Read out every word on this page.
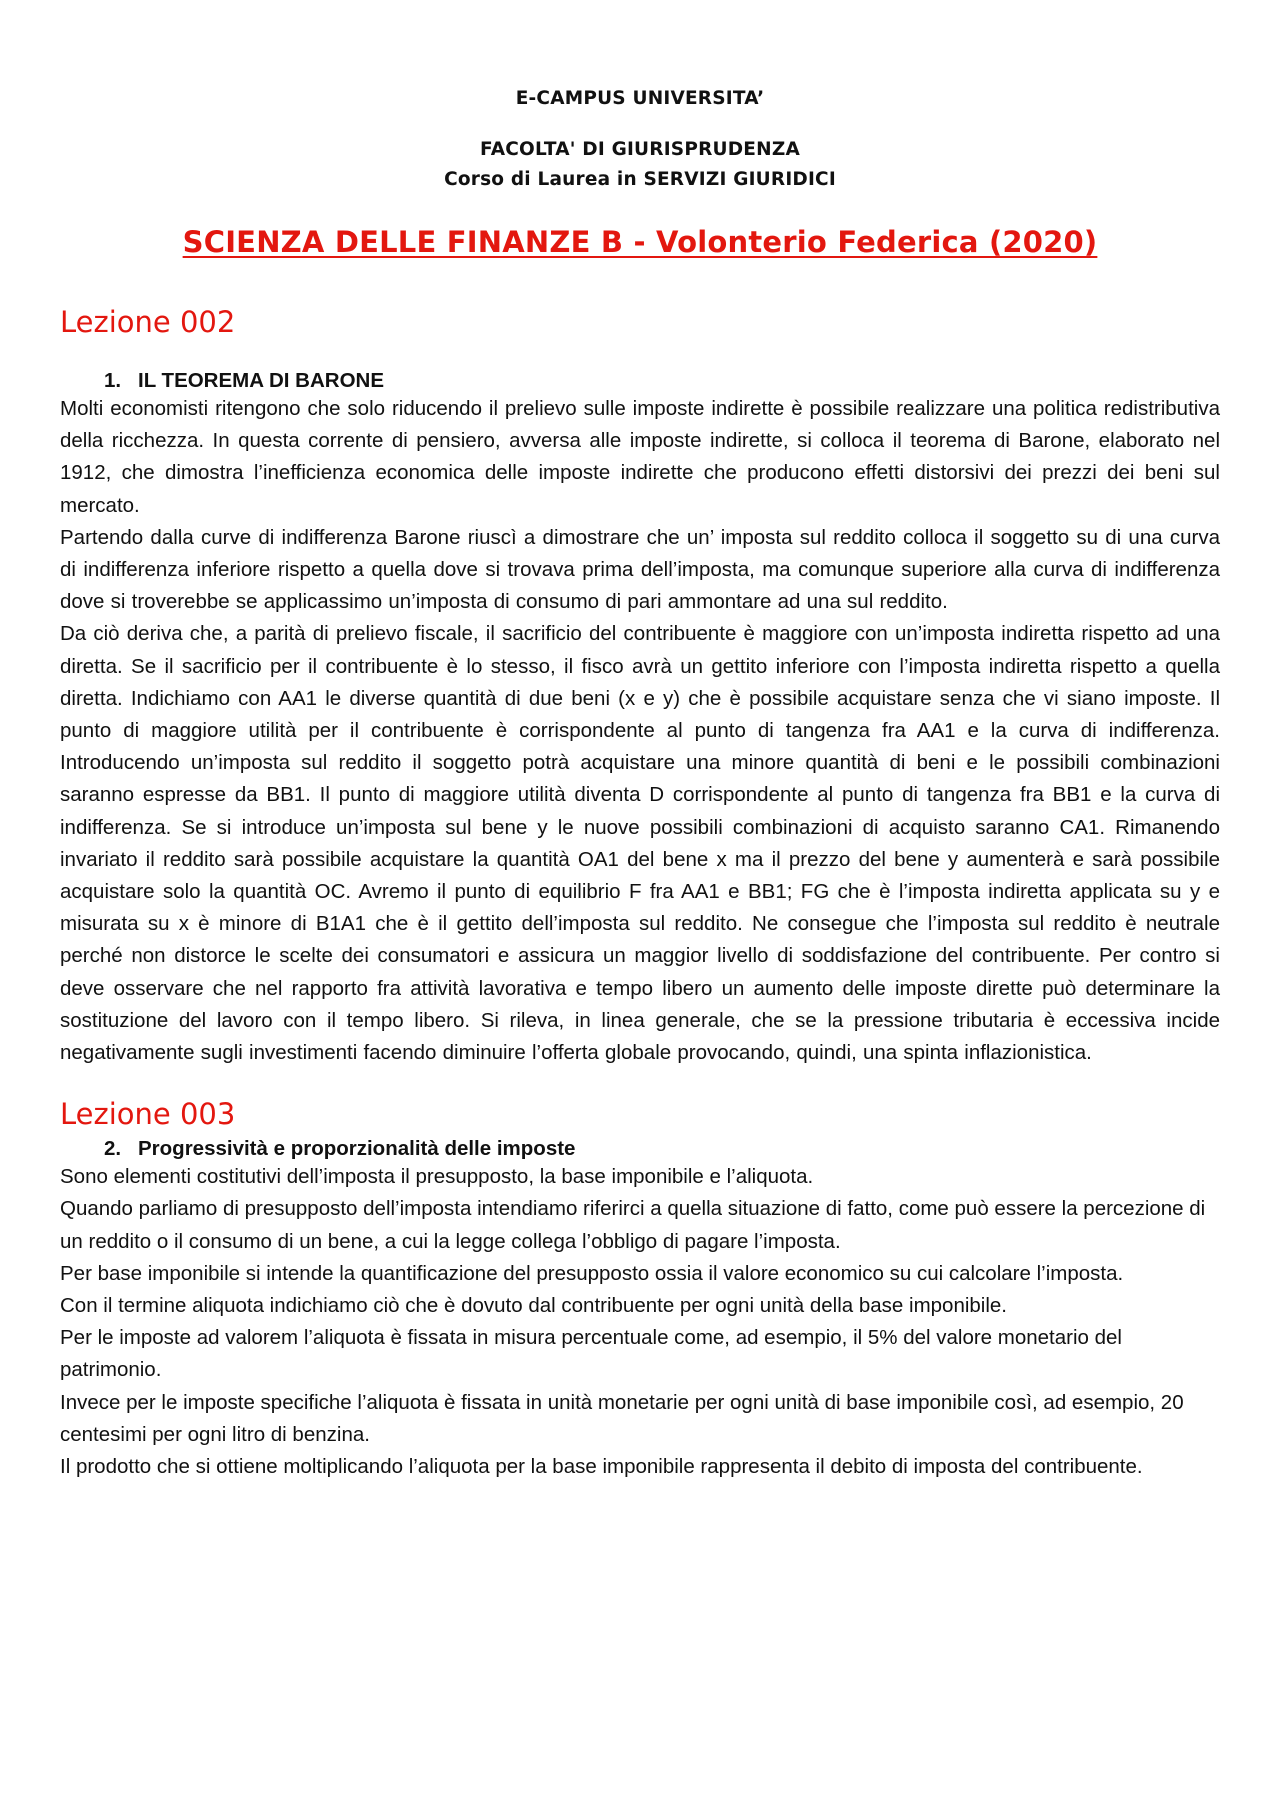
E-CAMPUS UNIVERSITA’

FACOLTA' DI GIURISPRUDENZA

Corso di Laurea in SERVIZI GIURIDICI

SCIENZA DELLE FINANZE B - Volonterio Federica (2020)
Lezione 002
1. IL TEOREMA DI BARONE

Molti economisti ritengono che solo riducendo il prelievo sulle imposte indirette è possibile realizzare una politica redistributiva della ricchezza. In questa corrente di pensiero, avversa alle imposte indirette, si colloca il teorema di Barone, elaborato nel 1912, che dimostra l’inefficienza economica delle imposte indirette che producono effetti distorsivi dei prezzi dei beni sul mercato.

Partendo dalla curve di indifferenza Barone riuscì a dimostrare che un’ imposta sul reddito colloca il soggetto su di una curva di indifferenza inferiore rispetto a quella dove si trovava prima dell’imposta, ma comunque superiore alla curva di indifferenza dove si troverebbe se applicassimo un’imposta di consumo di pari ammontare ad una sul reddito.

Da ciò deriva che, a parità di prelievo fiscale, il sacrificio del contribuente è maggiore con un’imposta indiretta rispetto ad una diretta. Se il sacrificio per il contribuente è lo stesso, il fisco avrà un gettito inferiore con l’imposta indiretta rispetto a quella diretta. Indichiamo con AA1 le diverse quantità di due beni (x e y) che è possibile acquistare senza che vi siano imposte. Il punto di maggiore utilità per il contribuente è corrispondente al punto di tangenza fra AA1 e la curva di indifferenza. Introducendo un’imposta sul reddito il soggetto potrà acquistare una minore quantità di beni e le possibili combinazioni saranno espresse da BB1. Il punto di maggiore utilità diventa D corrispondente al punto di tangenza fra BB1 e la curva di indifferenza. Se si introduce un’imposta sul bene y le nuove possibili combinazioni di acquisto saranno CA1. Rimanendo invariato il reddito sarà possibile acquistare la quantità OA1 del bene x ma il prezzo del bene y aumenterà e sarà possibile acquistare solo la quantità OC. Avremo il punto di equilibrio F fra AA1 e BB1; FG che è l’imposta indiretta applicata su y e misurata su x è minore di B1A1 che è il gettito dell’imposta sul reddito. Ne consegue che l’imposta sul reddito è neutrale perché non distorce le scelte dei consumatori e assicura un maggior livello di soddisfazione del contribuente. Per contro si deve osservare che nel rapporto fra attività lavorativa e tempo libero un aumento delle imposte dirette può determinare la sostituzione del lavoro con il tempo libero. Si rileva, in linea generale, che se la pressione tributaria è eccessiva incide negativamente sugli investimenti facendo diminuire l’offerta globale provocando, quindi, una spinta inflazionistica.

Lezione 003
2. Progressività e proporzionalità delle imposte

Sono elementi costitutivi dell’imposta il presupposto, la base imponibile e l’aliquota.

Quando parliamo di presupposto dell’imposta intendiamo riferirci a quella situazione di fatto, come può essere la percezione di un reddito o il consumo di un bene, a cui la legge collega l’obbligo di pagare l’imposta.

Per base imponibile si intende la quantificazione del presupposto ossia il valore economico su cui calcolare l’imposta.

Con il termine aliquota indichiamo ciò che è dovuto dal contribuente per ogni unità della base imponibile.

Per le imposte ad valorem l’aliquota è fissata in misura percentuale come, ad esempio, il 5% del valore monetario del patrimonio.

Invece per le imposte specifiche l’aliquota è fissata in unità monetarie per ogni unità di base imponibile così, ad esempio, 20 centesimi per ogni litro di benzina.

Il prodotto che si ottiene moltiplicando l’aliquota per la base imponibile rappresenta il debito di imposta del contribuente.
